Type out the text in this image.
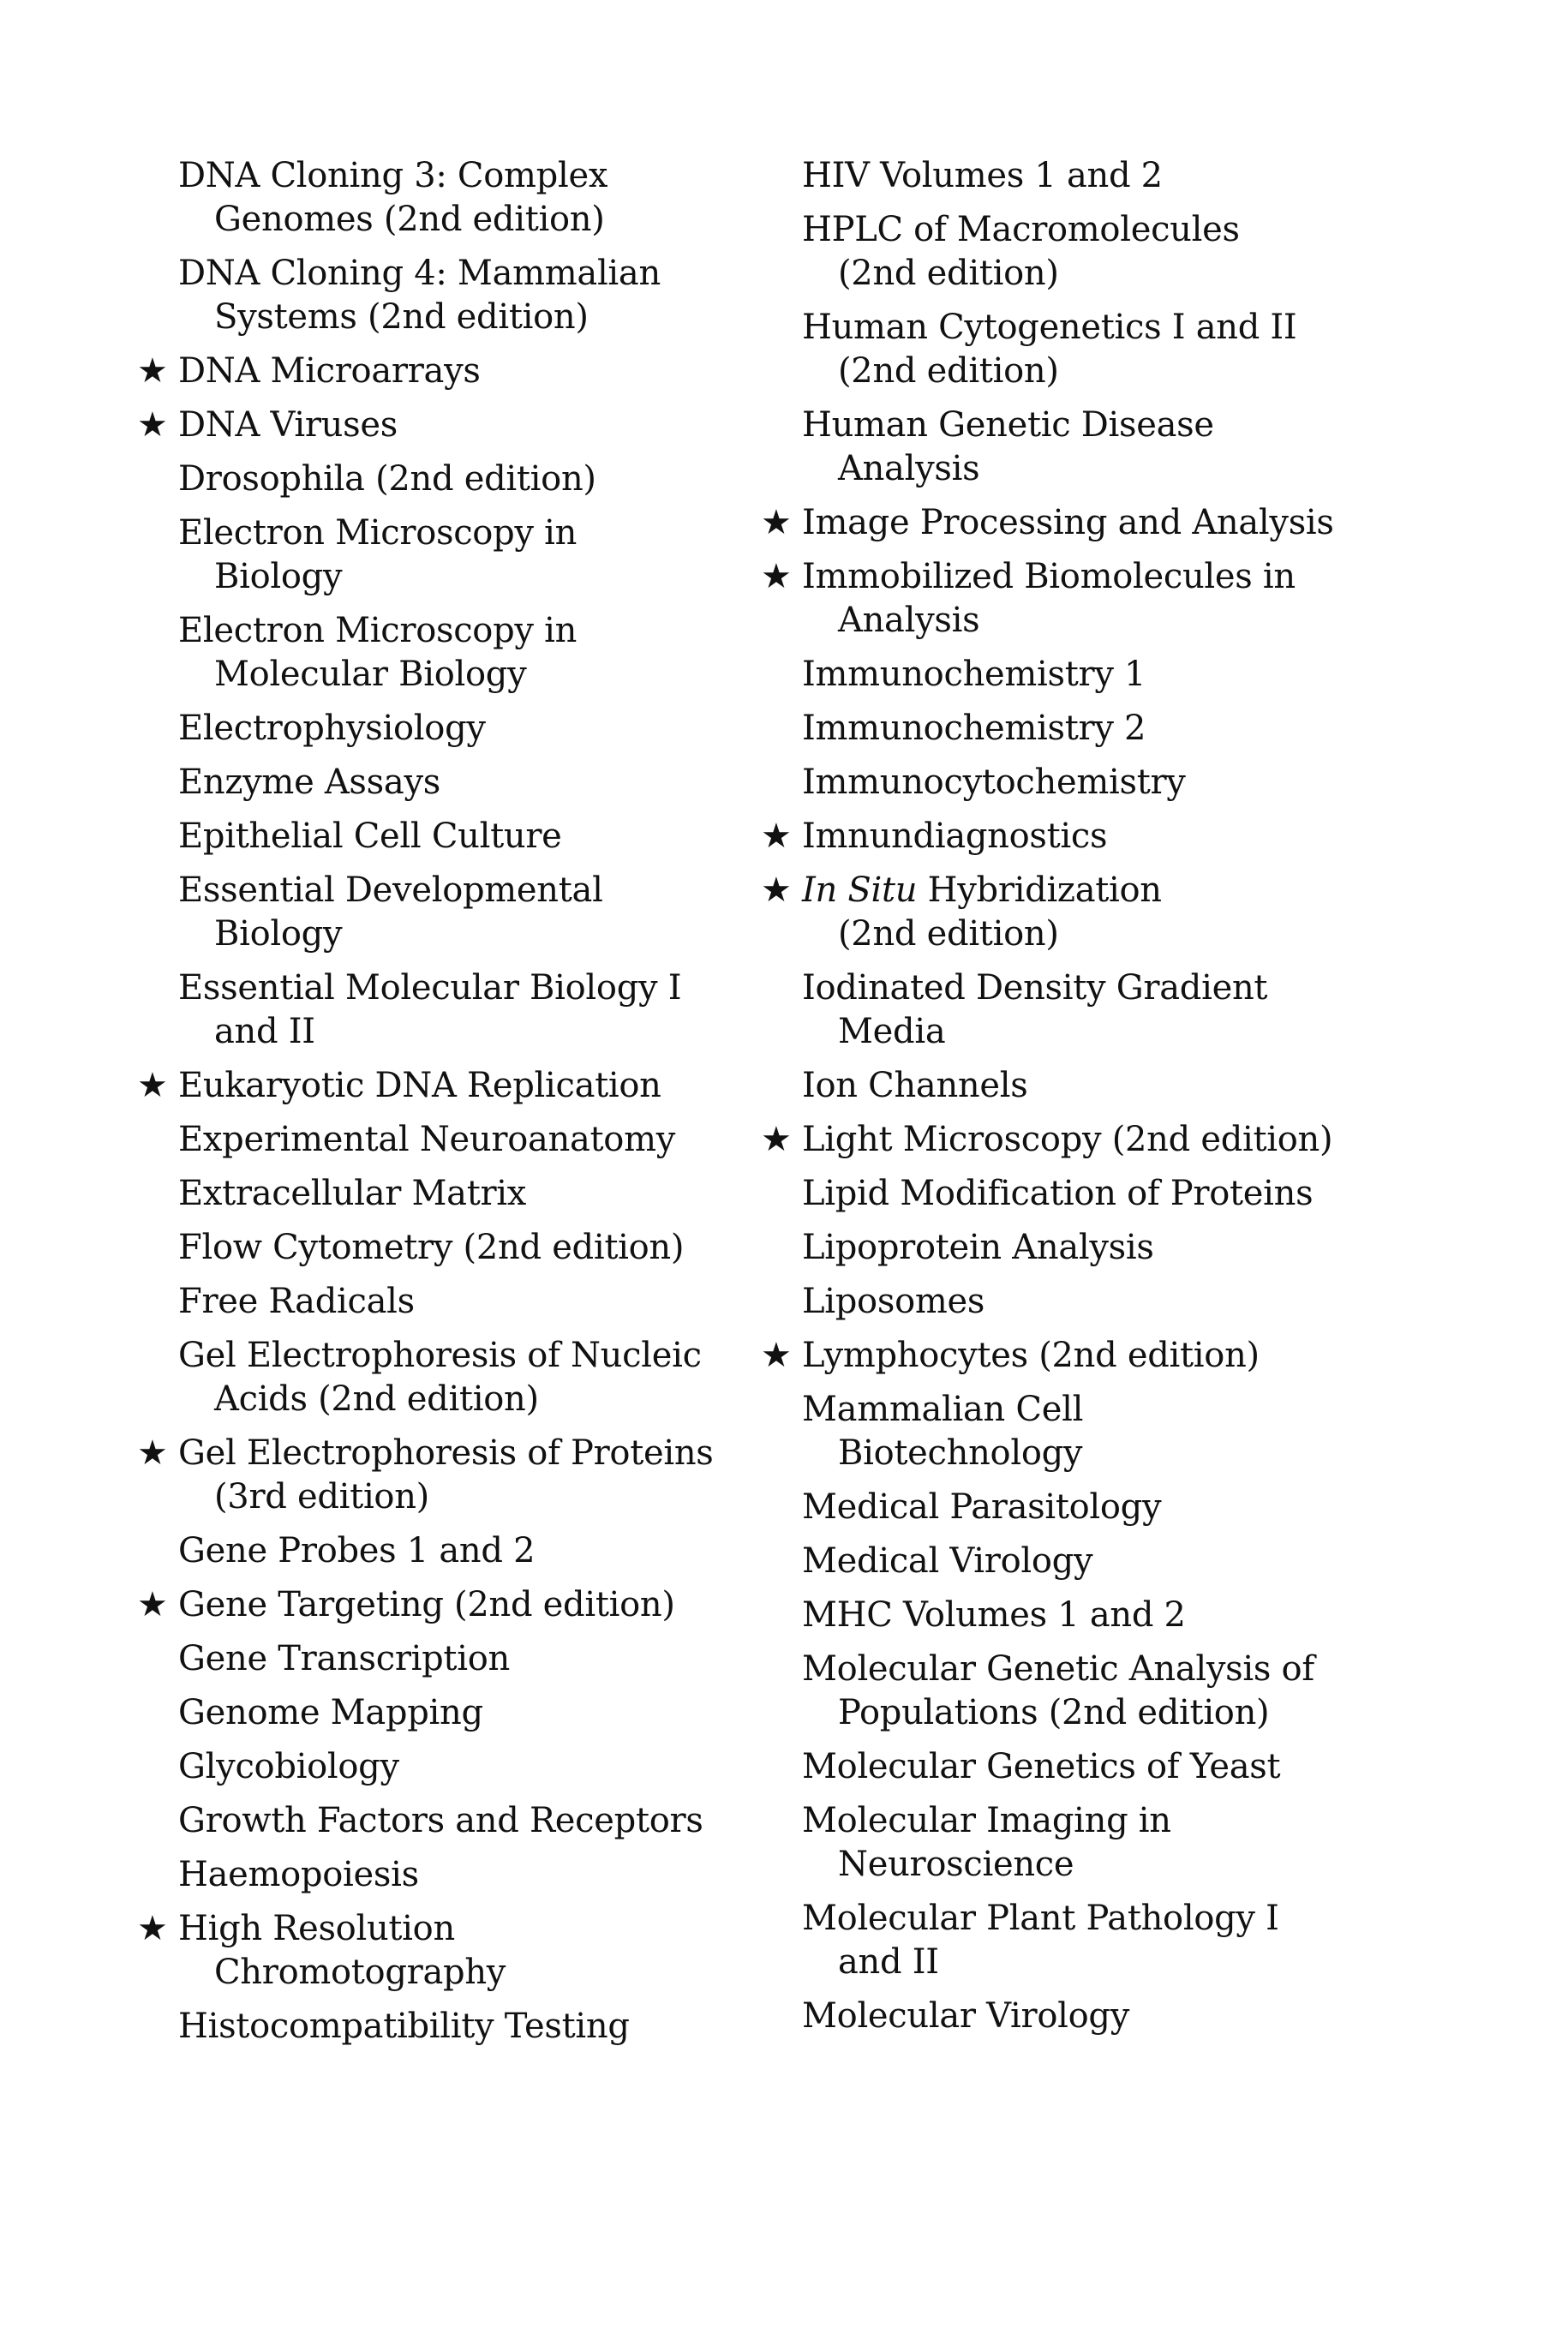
DNA Cloning 3: Complex
Genomes (2nd edition)
DNA Cloning 4: Mammalian
Systems (2nd edition)
★ DNA Microarrays
★ DNA Viruses
Drosophila (2nd edition)
Electron Microscopy in
Biology
Electron Microscopy in
Molecular Biology
Electrophysiology
Enzyme Assays
Epithelial Cell Culture
Essential Developmental
Biology
Essential Molecular Biology I
and II
★ Eukaryotic DNA Replication
Experimental Neuroanatomy
Extracellular Matrix
Flow Cytometry (2nd edition)
Free Radicals
Gel Electrophoresis of Nucleic
Acids (2nd edition)
★ Gel Electrophoresis of Proteins
(3rd edition)
Gene Probes 1 and 2
★ Gene Targeting (2nd edition)
Gene Transcription
Genome Mapping
Glycobiology
Growth Factors and Receptors
Haemopoiesis
★ High Resolution
Chromotography
Histocompatibility Testing
HIV Volumes 1 and 2
HPLC of Macromolecules
(2nd edition)
Human Cytogenetics I and II
(2nd edition)
Human Genetic Disease
Analysis
★ Image Processing and Analysis
★ Immobilized Biomolecules in
Analysis
Immunochemistry 1
Immunochemistry 2
Immunocytochemistry
★ Imnundiagnostics
★ In Situ Hybridization
(2nd edition)
Iodinated Density Gradient
Media
Ion Channels
★ Light Microscopy (2nd edition)
Lipid Modification of Proteins
Lipoprotein Analysis
Liposomes
★ Lymphocytes (2nd edition)
Mammalian Cell
Biotechnology
Medical Parasitology
Medical Virology
MHC Volumes 1 and 2
Molecular Genetic Analysis of
Populations (2nd edition)
Molecular Genetics of Yeast
Molecular Imaging in
Neuroscience
Molecular Plant Pathology I
and II
Molecular Virology
